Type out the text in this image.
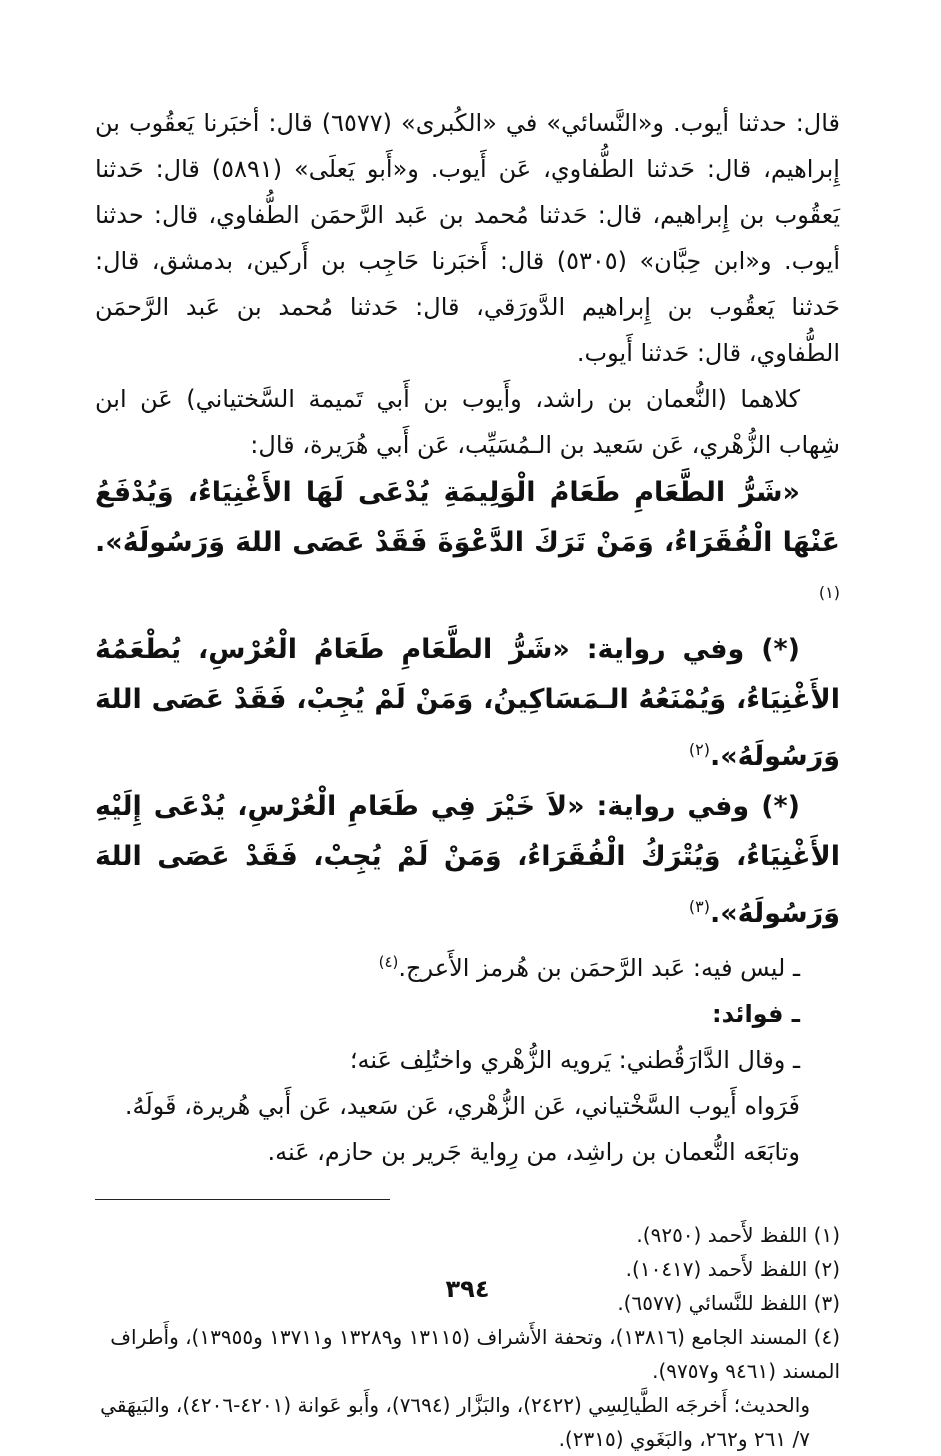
قال: حدثنا أيوب. و«النَّسائي» في «الكُبرى» (٦٥٧٧) قال: أخبَرنا يَعقُوب بن إِبراهيم، قال: حَدثنا الطُّفاوي، عَن أَيوب. و«أَبو يَعلَى» (٥٨٩١) قال: حَدثنا يَعقُوب بن إِبراهيم، قال: حَدثنا مُحمد بن عَبد الرَّحمَن الطُّفاوي، قال: حدثنا أيوب. و«ابن حِبَّان» (٥٣٠٥) قال: أَخبَرنا حَاجِب بن أَركين، بدمشق، قال: حَدثنا يَعقُوب بن إِبراهيم الدَّورَقي، قال: حَدثنا مُحمد بن عَبد الرَّحمَن الطُّفاوي، قال: حَدثنا أَيوب.

كلاهما (النُّعمان بن راشد، وأَيوب بن أَبي تَميمة السَّختياني) عَن ابن شِهاب الزُّهْري، عَن سَعيد بن الـمُسَيِّب، عَن أَبي هُرَيرة، قال:

«شَرُّ الطَّعَامِ طَعَامُ الْوَلِيمَةِ يُدْعَى لَهَا الأَغْنِيَاءُ، وَيُدْفَعُ عَنْهَا الْفُقَرَاءُ، وَمَنْ تَرَكَ الدَّعْوَةَ فَقَدْ عَصَى اللهَ وَرَسُولَهُ».$^{(١)}$

(*) وفي رواية: «شَرُّ الطَّعَامِ طَعَامُ الْعُرْسِ، يُطْعَمُهُ الأَغْنِيَاءُ، وَيُمْنَعُهُ الـمَسَاكِينُ، وَمَنْ لَمْ يُجِبْ، فَقَدْ عَصَى اللهَ وَرَسُولَهُ».$^{(٢)}$

(*) وفي رواية: «لاَ خَيْرَ فِي طَعَامِ الْعُرْسِ، يُدْعَى إِلَيْهِ الأَغْنِيَاءُ، وَيُتْرَكُ الْفُقَرَاءُ، وَمَنْ لَمْ يُجِبْ، فَقَدْ عَصَى اللهَ وَرَسُولَهُ».$^{(٣)}$

ـ ليس فيه: عَبد الرَّحمَن بن هُرمز الأَعرج.$^{(٤)}$

ـ فوائد:

ـ وقال الدَّارَقُطني: يَرويه الزُّهْري واختُلِف عَنه؛

فَرَواه أَيوب السَّخْتياني، عَن الزُّهْري، عَن سَعيد، عَن أَبي هُريرة، قَولَهُ.

وتابَعَه النُّعمان بن راشِد، من رِواية جَرير بن حازم، عَنه.

(١) اللفظ لأَحمد (٩٢٥٠).

(٢) اللفظ لأَحمد (١٠٤١٧).

(٣) اللفظ للنَّسائي (٦٥٧٧).

(٤) المسند الجامع (١٣٨١٦)، وتحفة الأَشراف (١٣١١٥ و١٣٢٨٩ و١٣٧١١ و١٣٩٥٥)، وأَطراف المسند (٩٤٦١ و٩٧٥٧).

والحديث؛ أَخرجَه الطَّيالِسِي (٢٤٢٢)، والبَزَّار (٧٦٩٤)، وأَبو عَوانة (٤٢٠١-٤٢٠٦)، والبَيهَقي ٧/ ٢٦١ و٢٦٢، والبَغَوي (٢٣١٥).

٣٩٤
